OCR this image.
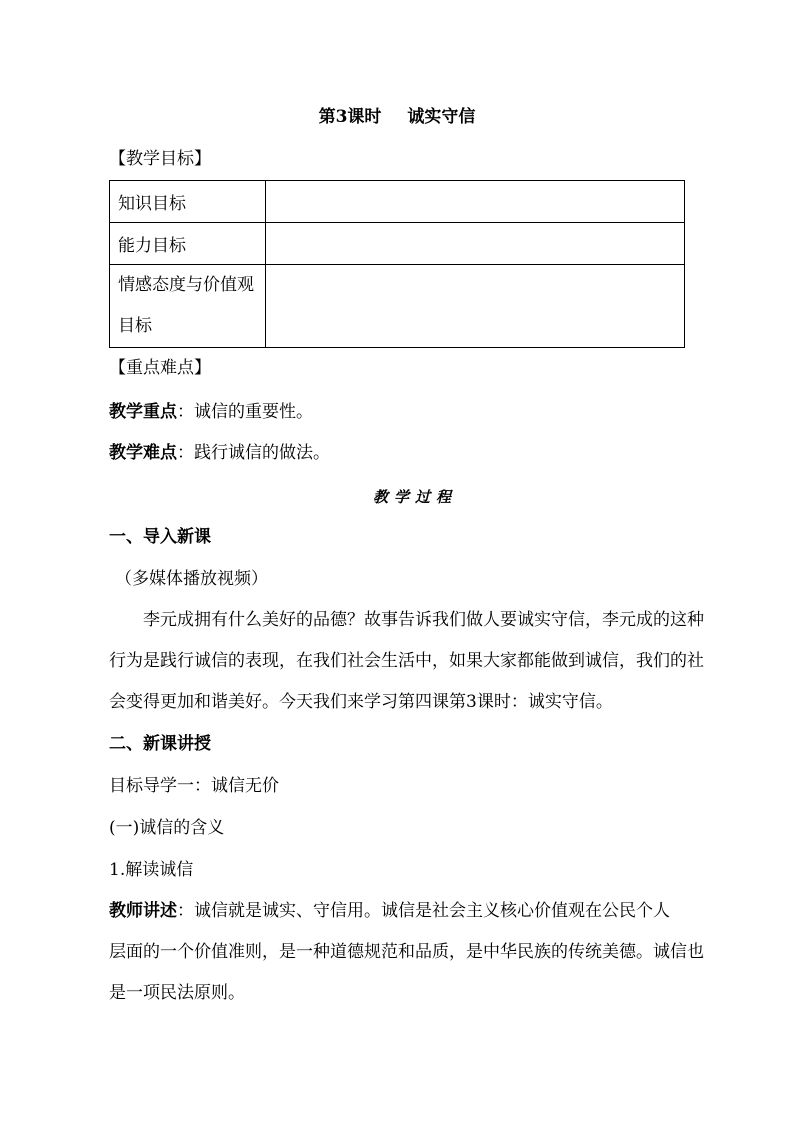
第3课时 诚实守信
【教学目标】
知识目标	
能力目标	
情感态度与价值观目标	
【重点难点】
教学重点：诚信的重要性。
教学难点：践行诚信的做法。
教学过程
一、导入新课
（多媒体播放视频）
李元成拥有什么美好的品德？故事告诉我们做人要诚实守信，李元成的这种
行为是践行诚信的表现，在我们社会生活中，如果大家都能做到诚信，我们的社
会变得更加和谐美好。今天我们来学习第四课第3课时：诚实守信。
二、新课讲授
目标导学一：诚信无价
(一)诚信的含义
1.解读诚信
教师讲述：诚信就是诚实、守信用。诚信是社会主义核心价值观在公民个人
层面的一个价值准则，是一种道德规范和品质，是中华民族的传统美德。诚信也
是一项民法原则。
